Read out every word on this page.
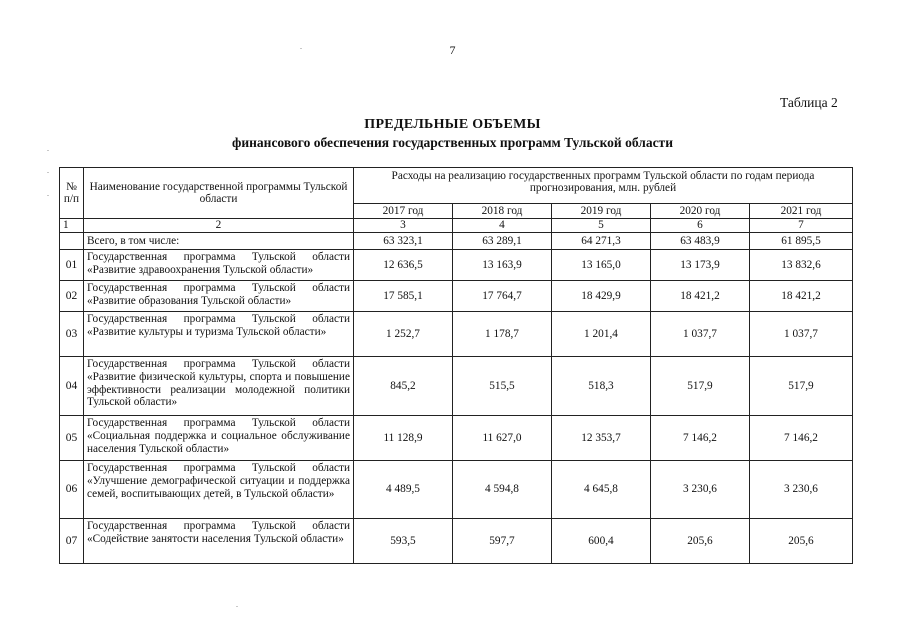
7
Таблица 2
ПРЕДЕЛЬНЫЕ ОБЪЕМЫ
финансового обеспечения государственных программ Тульской области
№ п/п	Наименование государственной программы Тульской области	Расходы на реализацию государственных программ Тульской области по годам периода прогнозирования, млн. рублей				
		2017 год	2018 год	2019 год	2020 год	2021 год
1	2	3	4	5	6	7
	Всего, в том числе:	63 323,1	63 289,1	64 271,3	63 483,9	61 895,5
01	Государственная программа Тульской области «Развитие здравоохранения Тульской области»	12 636,5	13 163,9	13 165,0	13 173,9	13 832,6
02	Государственная программа Тульской области «Развитие образования Тульской области»	17 585,1	17 764,7	18 429,9	18 421,2	18 421,2
03	Государственная программа Тульской области «Развитие культуры и туризма Тульской области»	1 252,7	1 178,7	1 201,4	1 037,7	1 037,7
04	Государственная программа Тульской области «Развитие физической культуры, спорта и повышение эффективности реализации молодежной политики Тульской области»	845,2	515,5	518,3	517,9	517,9
05	Государственная программа Тульской области «Социальная поддержка и социальное обслуживание населения Тульской области»	11 128,9	11 627,0	12 353,7	7 146,2	7 146,2
06	Государственная программа Тульской области «Улучшение демографической ситуации и поддержка семей, воспитывающих детей, в Тульской области»	4 489,5	4 594,8	4 645,8	3 230,6	3 230,6
07	Государственная программа Тульской области «Содействие занятости населения Тульской области»	593,5	597,7	600,4	205,6	205,6
